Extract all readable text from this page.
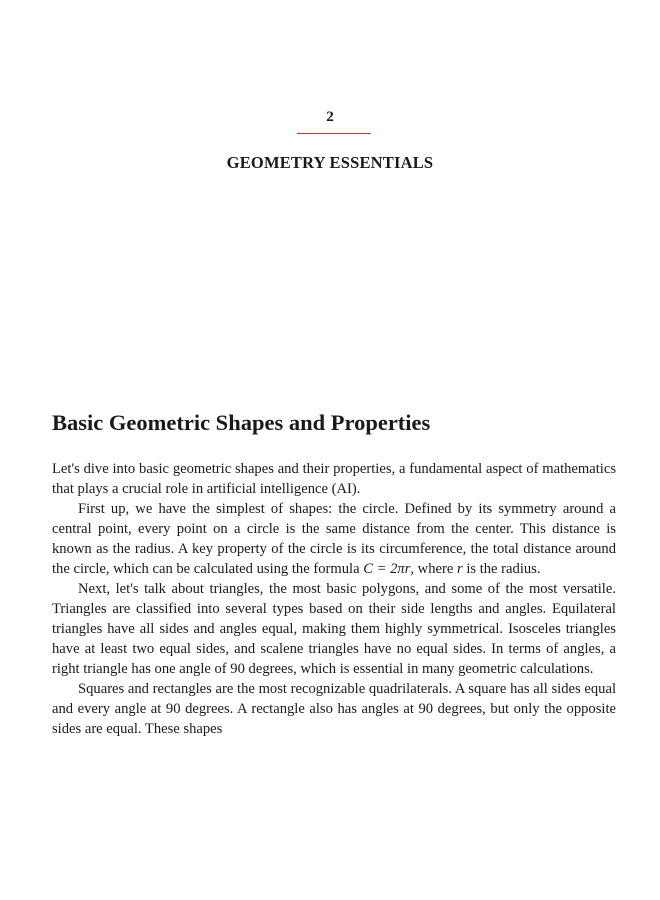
2
GEOMETRY ESSENTIALS
Basic Geometric Shapes and Properties

Let's dive into basic geometric shapes and their properties, a fundamental aspect of mathematics that plays a crucial role in artificial intelligence (AI).

First up, we have the simplest of shapes: the circle. Defined by its symmetry around a central point, every point on a circle is the same distance from the center. This distance is known as the radius. A key property of the circle is its circumference, the total distance around the circle, which can be calculated using the formula C = 2πr, where r is the radius.

Next, let's talk about triangles, the most basic polygons, and some of the most versatile. Triangles are classified into several types based on their side lengths and angles. Equilateral triangles have all sides and angles equal, making them highly symmetrical. Isosceles triangles have at least two equal sides, and scalene triangles have no equal sides. In terms of angles, a right triangle has one angle of 90 degrees, which is essential in many geometric calculations.

Squares and rectangles are the most recognizable quadrilaterals. A square has all sides equal and every angle at 90 degrees. A rectangle also has angles at 90 degrees, but only the opposite sides are equal. These shapes
